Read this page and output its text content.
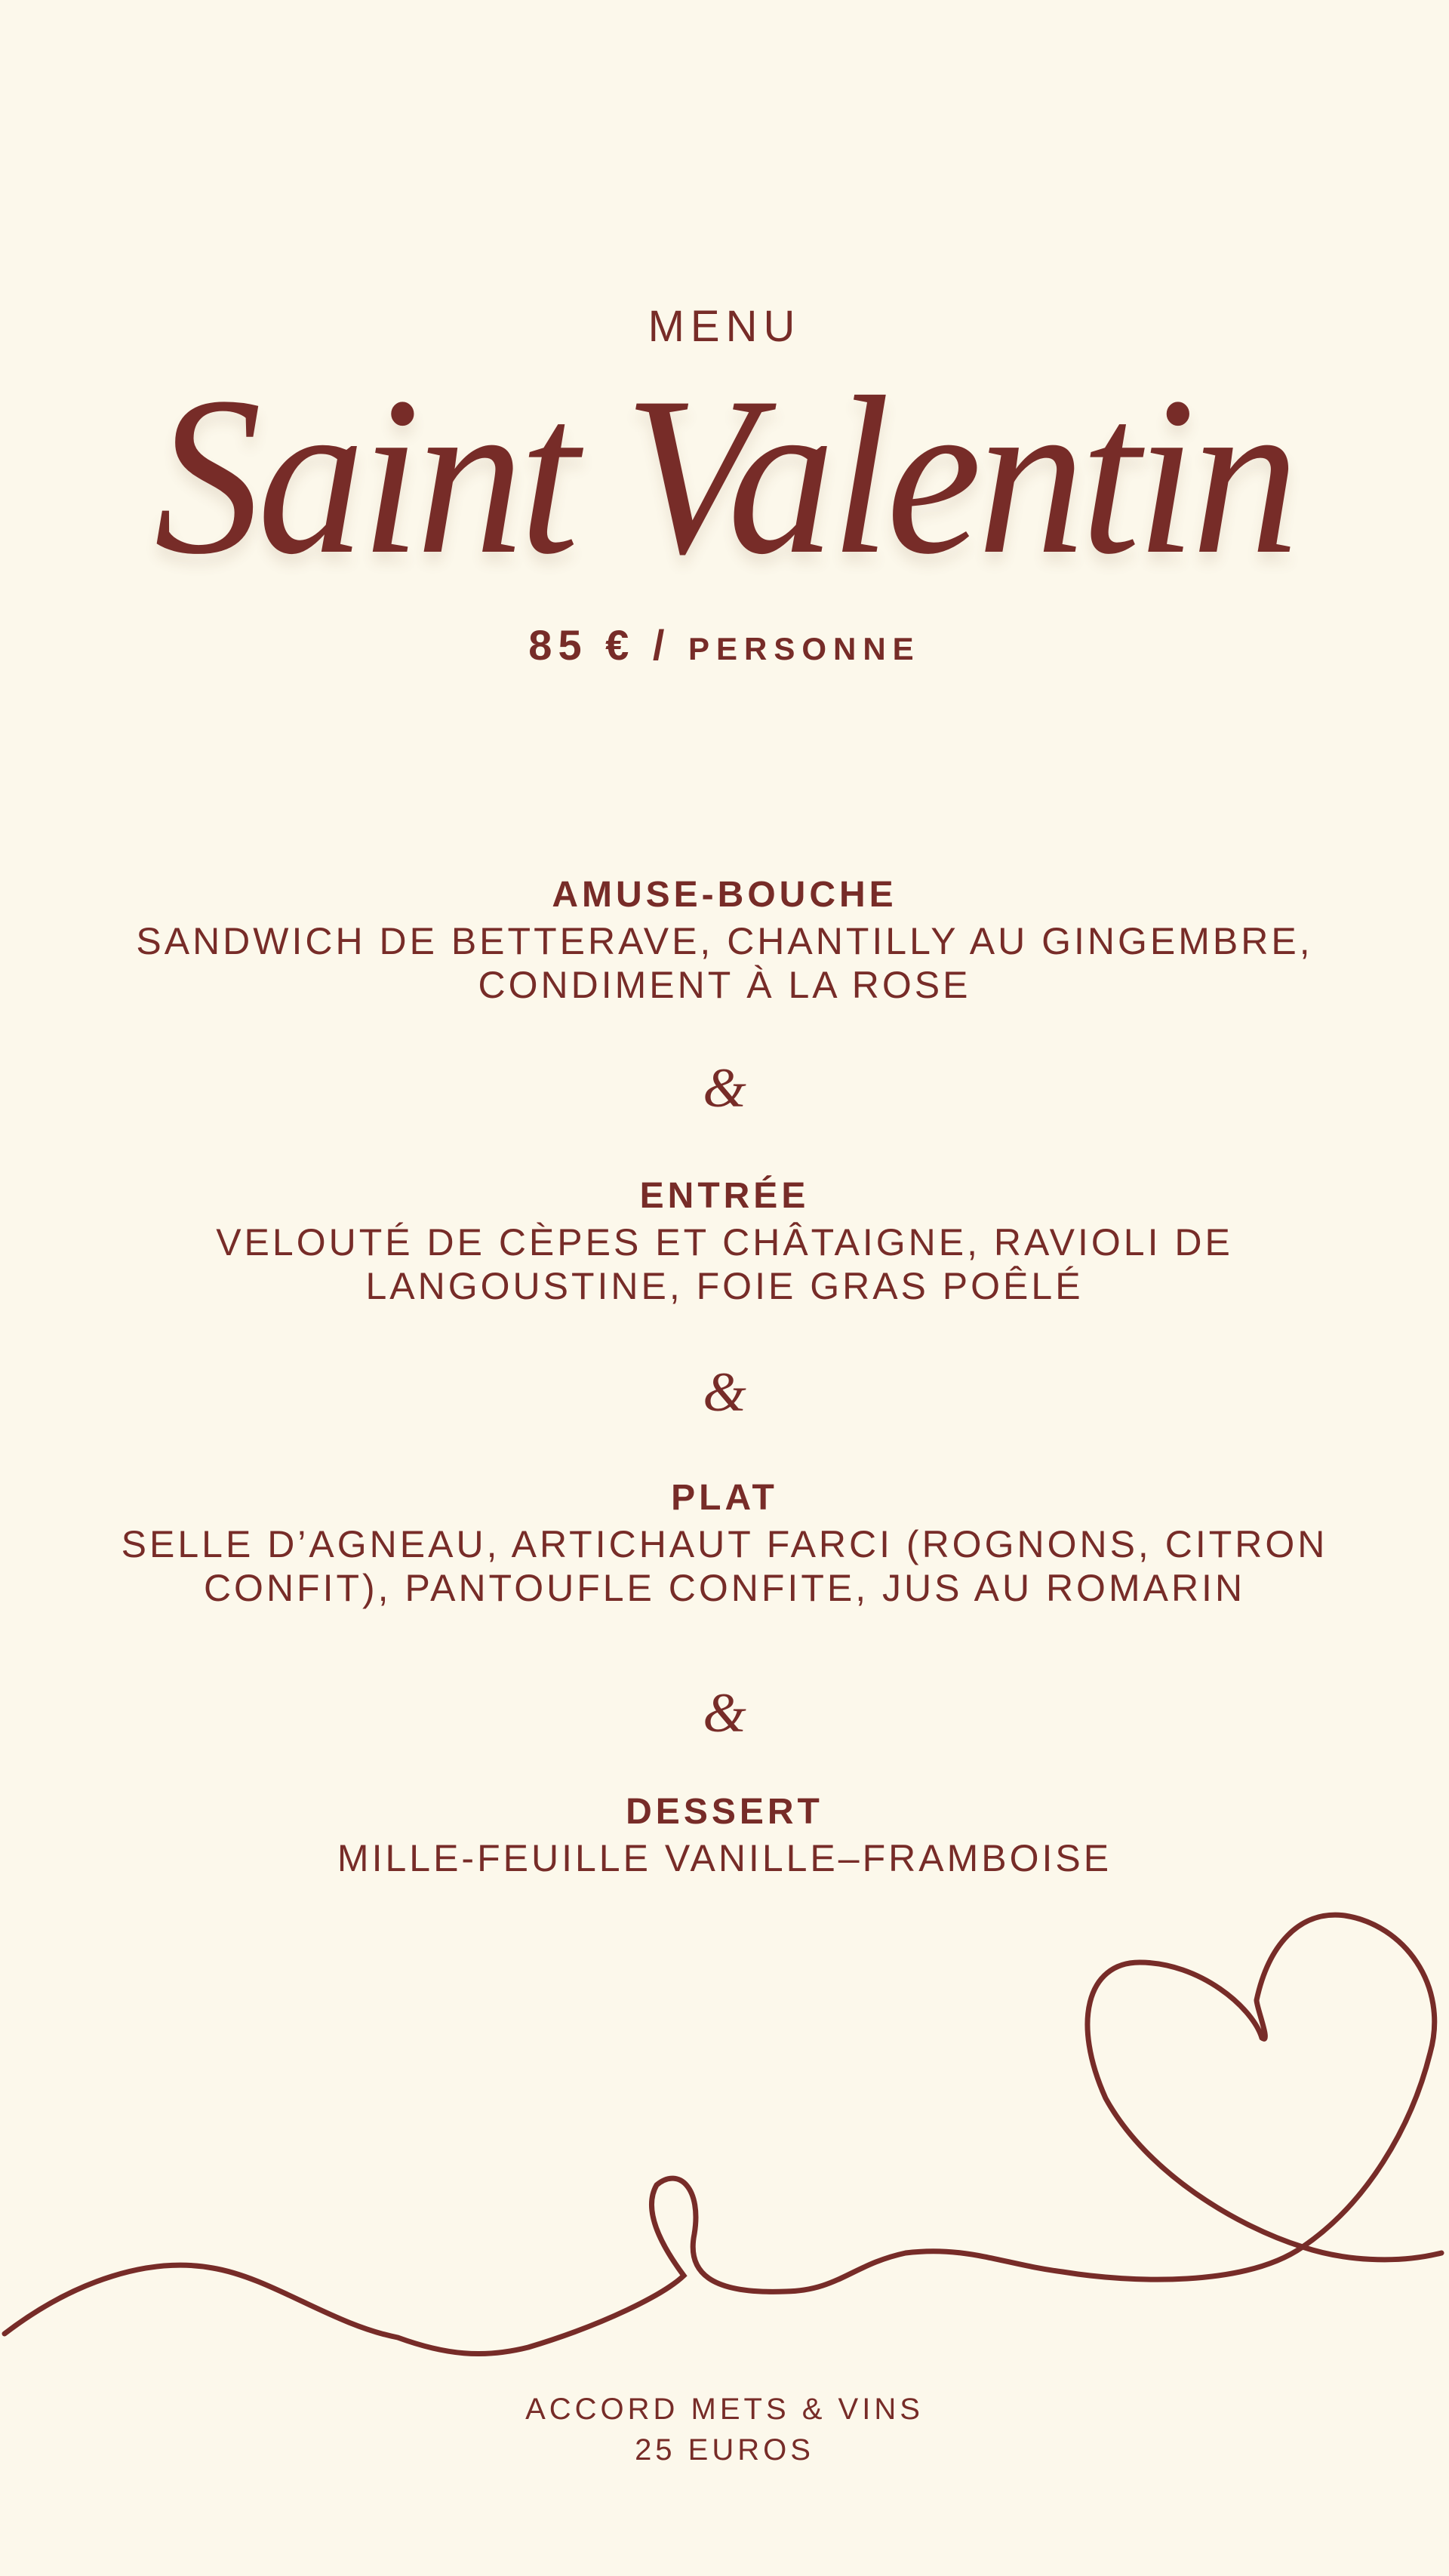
MENU
Saint Valentin
85 € / PERSONNE
AMUSE-BOUCHE
SANDWICH DE BETTERAVE, CHANTILLY AU GINGEMBRE,
CONDIMENT À LA ROSE
&
ENTRÉE
VELOUTÉ DE CÈPES ET CHÂTAIGNE, RAVIOLI DE
LANGOUSTINE, FOIE GRAS POÊLÉ
&
PLAT
SELLE D’AGNEAU, ARTICHAUT FARCI (ROGNONS, CITRON
CONFIT), PANTOUFLE CONFITE, JUS AU ROMARIN
&
DESSERT
MILLE-FEUILLE VANILLE–FRAMBOISE
ACCORD METS & VINS
25 EUROS
